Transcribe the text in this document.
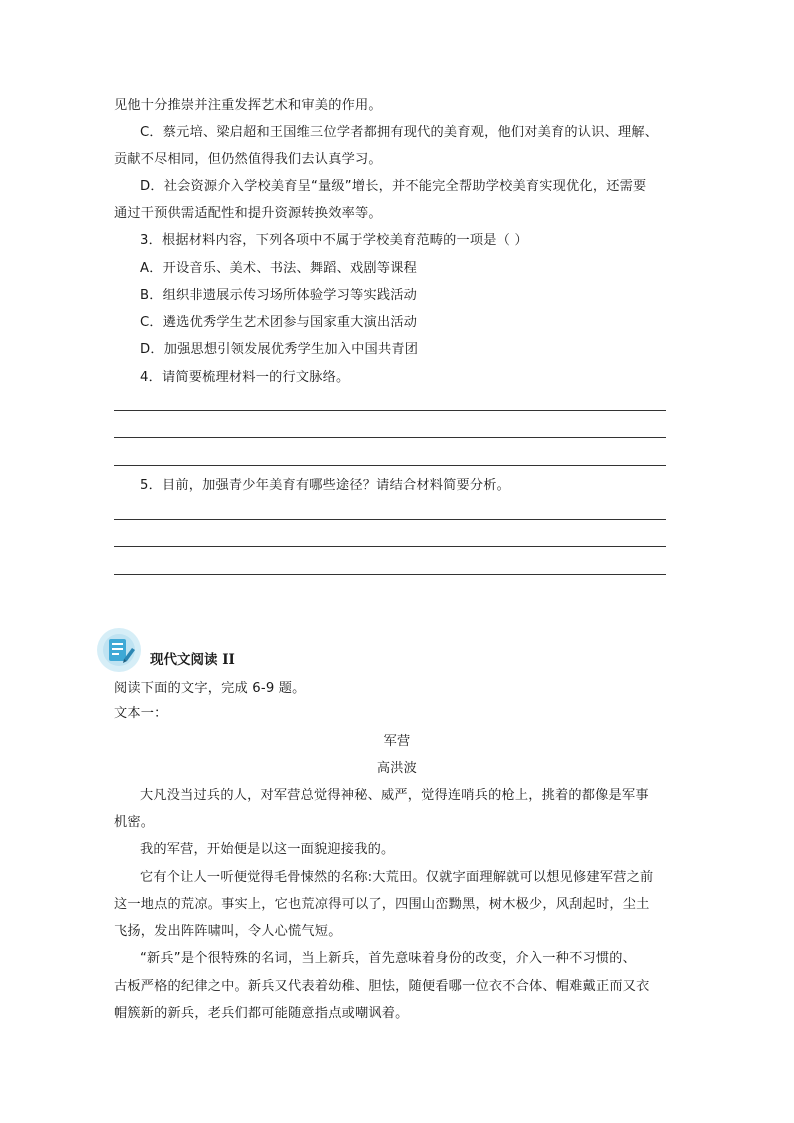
见他十分推崇并注重发挥艺术和审美的作用。
C．蔡元培、梁启超和王国维三位学者都拥有现代的美育观，他们对美育的认识、理解、
贡献不尽相同，但仍然值得我们去认真学习。
D．社会资源介入学校美育呈“量级”增长，并不能完全帮助学校美育实现优化，还需要
通过干预供需适配性和提升资源转换效率等。
3．根据材料内容，下列各项中不属于学校美育范畴的一项是（ ）
A．开设音乐、美术、书法、舞蹈、戏剧等课程
B．组织非遗展示传习场所体验学习等实践活动
C．遴选优秀学生艺术团参与国家重大演出活动
D．加强思想引领发展优秀学生加入中国共青团
4．请简要梳理材料一的行文脉络。
5．目前，加强青少年美育有哪些途径？请结合材料简要分析。
现代文阅读 II
阅读下面的文字，完成 6-9 题。
文本一：
军营
高洪波
大凡没当过兵的人，对军营总觉得神秘、威严，觉得连哨兵的枪上，挑着的都像是军事
机密。
我的军营，开始便是以这一面貌迎接我的。
它有个让人一听便觉得毛骨悚然的名称:大荒田。仅就字面理解就可以想见修建军营之前
这一地点的荒凉。事实上，它也荒凉得可以了，四围山峦黝黑，树木极少，风刮起时，尘土
飞扬，发出阵阵啸叫，令人心慌气短。
“新兵”是个很特殊的名词，当上新兵，首先意味着身份的改变，介入一种不习惯的、
古板严格的纪律之中。新兵又代表着幼稚、胆怯，随便看哪一位衣不合体、帽难戴正而又衣
帽簇新的新兵，老兵们都可能随意指点或嘲讽着。
